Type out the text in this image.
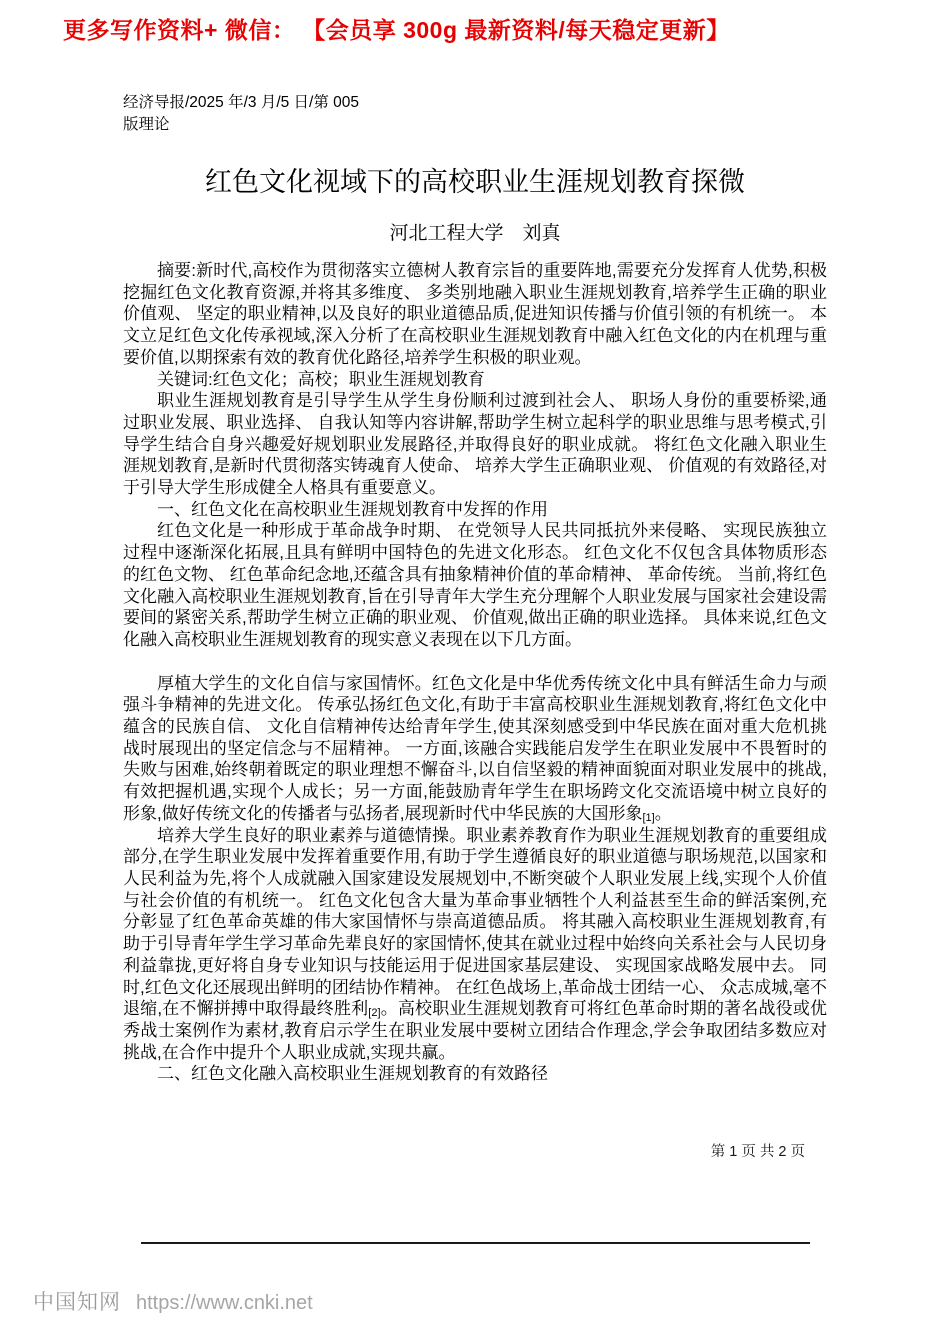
更多写作资料+ 微信： 【会员享 300g 最新资料/每天稳定更新】
经济导报/2025 年/3 月/5 日/第 005
版理论
红色文化视域下的高校职业生涯规划教育探微
河北工程大学　刘真

摘要:新时代,高校作为贯彻落实立德树人教育宗旨的重要阵地,需要充分发挥育人优势,积极挖掘红色文化教育资源,并将其多维度、 多类别地融入职业生涯规划教育,培养学生正确的职业价值观、 坚定的职业精神,以及良好的职业道德品质,促进知识传播与价值引领的有机统一。 本文立足红色文化传承视域,深入分析了在高校职业生涯规划教育中融入红色文化的内在机理与重要价值,以期探索有效的教育优化路径,培养学生积极的职业观。

关键词:红色文化；高校；职业生涯规划教育

职业生涯规划教育是引导学生从学生身份顺利过渡到社会人、 职场人身份的重要桥梁,通过职业发展、职业选择、 自我认知等内容讲解,帮助学生树立起科学的职业思维与思考模式,引导学生结合自身兴趣爱好规划职业发展路径,并取得良好的职业成就。 将红色文化融入职业生涯规划教育,是新时代贯彻落实铸魂育人使命、 培养大学生正确职业观、 价值观的有效路径,对于引导大学生形成健全人格具有重要意义。

一、红色文化在高校职业生涯规划教育中发挥的作用

红色文化是一种形成于革命战争时期、 在党领导人民共同抵抗外来侵略、 实现民族独立过程中逐渐深化拓展,且具有鲜明中国特色的先进文化形态。 红色文化不仅包含具体物质形态的红色文物、 红色革命纪念地,还蕴含具有抽象精神价值的革命精神、 革命传统。 当前,将红色文化融入高校职业生涯规划教育,旨在引导青年大学生充分理解个人职业发展与国家社会建设需要间的紧密关系,帮助学生树立正确的职业观、 价值观,做出正确的职业选择。 具体来说,红色文化融入高校职业生涯规划教育的现实意义表现在以下几方面。

厚植大学生的文化自信与家国情怀。红色文化是中华优秀传统文化中具有鲜活生命力与顽强斗争精神的先进文化。 传承弘扬红色文化,有助于丰富高校职业生涯规划教育,将红色文化中蕴含的民族自信、 文化自信精神传达给青年学生,使其深刻感受到中华民族在面对重大危机挑战时展现出的坚定信念与不屈精神。 一方面,该融合实践能启发学生在职业发展中不畏暂时的失败与困难,始终朝着既定的职业理想不懈奋斗,以自信坚毅的精神面貌面对职业发展中的挑战,有效把握机遇,实现个人成长；另一方面,能鼓励青年学生在职场跨文化交流语境中树立良好的形象,做好传统文化的传播者与弘扬者,展现新时代中华民族的大国形象$_{[1]}$。

培养大学生良好的职业素养与道德情操。职业素养教育作为职业生涯规划教育的重要组成部分,在学生职业发展中发挥着重要作用,有助于学生遵循良好的职业道德与职场规范,以国家和人民利益为先,将个人成就融入国家建设发展规划中,不断突破个人职业发展上线,实现个人价值与社会价值的有机统一。 红色文化包含大量为革命事业牺牲个人利益甚至生命的鲜活案例,充分彰显了红色革命英雄的伟大家国情怀与崇高道德品质。 将其融入高校职业生涯规划教育,有助于引导青年学生学习革命先辈良好的家国情怀,使其在就业过程中始终向关系社会与人民切身利益靠拢,更好将自身专业知识与技能运用于促进国家基层建设、 实现国家战略发展中去。 同时,红色文化还展现出鲜明的团结协作精神。 在红色战场上,革命战士团结一心、 众志成城,毫不退缩,在不懈拼搏中取得最终胜利$_{[2]}$。高校职业生涯规划教育可将红色革命时期的著名战役或优秀战士案例作为素材,教育启示学生在职业发展中要树立团结合作理念,学会争取团结多数应对挑战,在合作中提升个人职业成就,实现共赢。

二、红色文化融入高校职业生涯规划教育的有效路径

第 1 页 共 2 页
中国知网 https://www.cnki.net
